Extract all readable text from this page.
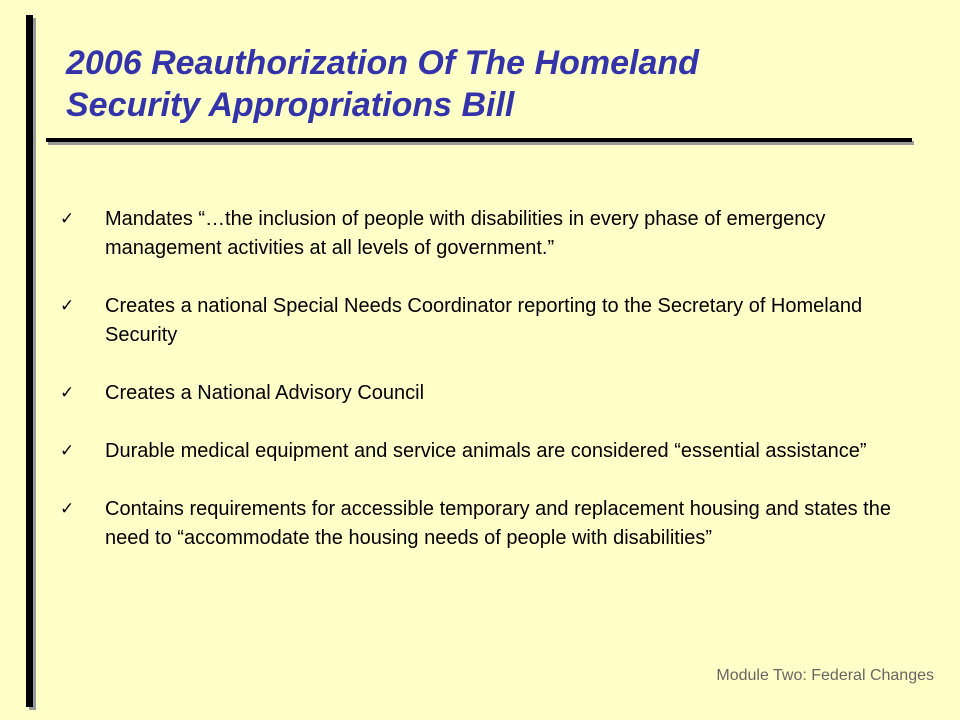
2006 Reauthorization Of The Homeland
Security Appropriations Bill
✓ Mandates “…the inclusion of people with disabilities in every phase of emergency management activities at all levels of government.”
✓ Creates a national Special Needs Coordinator reporting to the Secretary of Homeland Security
✓ Creates a National Advisory Council
✓ Durable medical equipment and service animals are considered “essential assistance”
✓ Contains requirements for accessible temporary and replacement housing and states the need to “accommodate the housing needs of people with disabilities”
Module Two: Federal Changes
